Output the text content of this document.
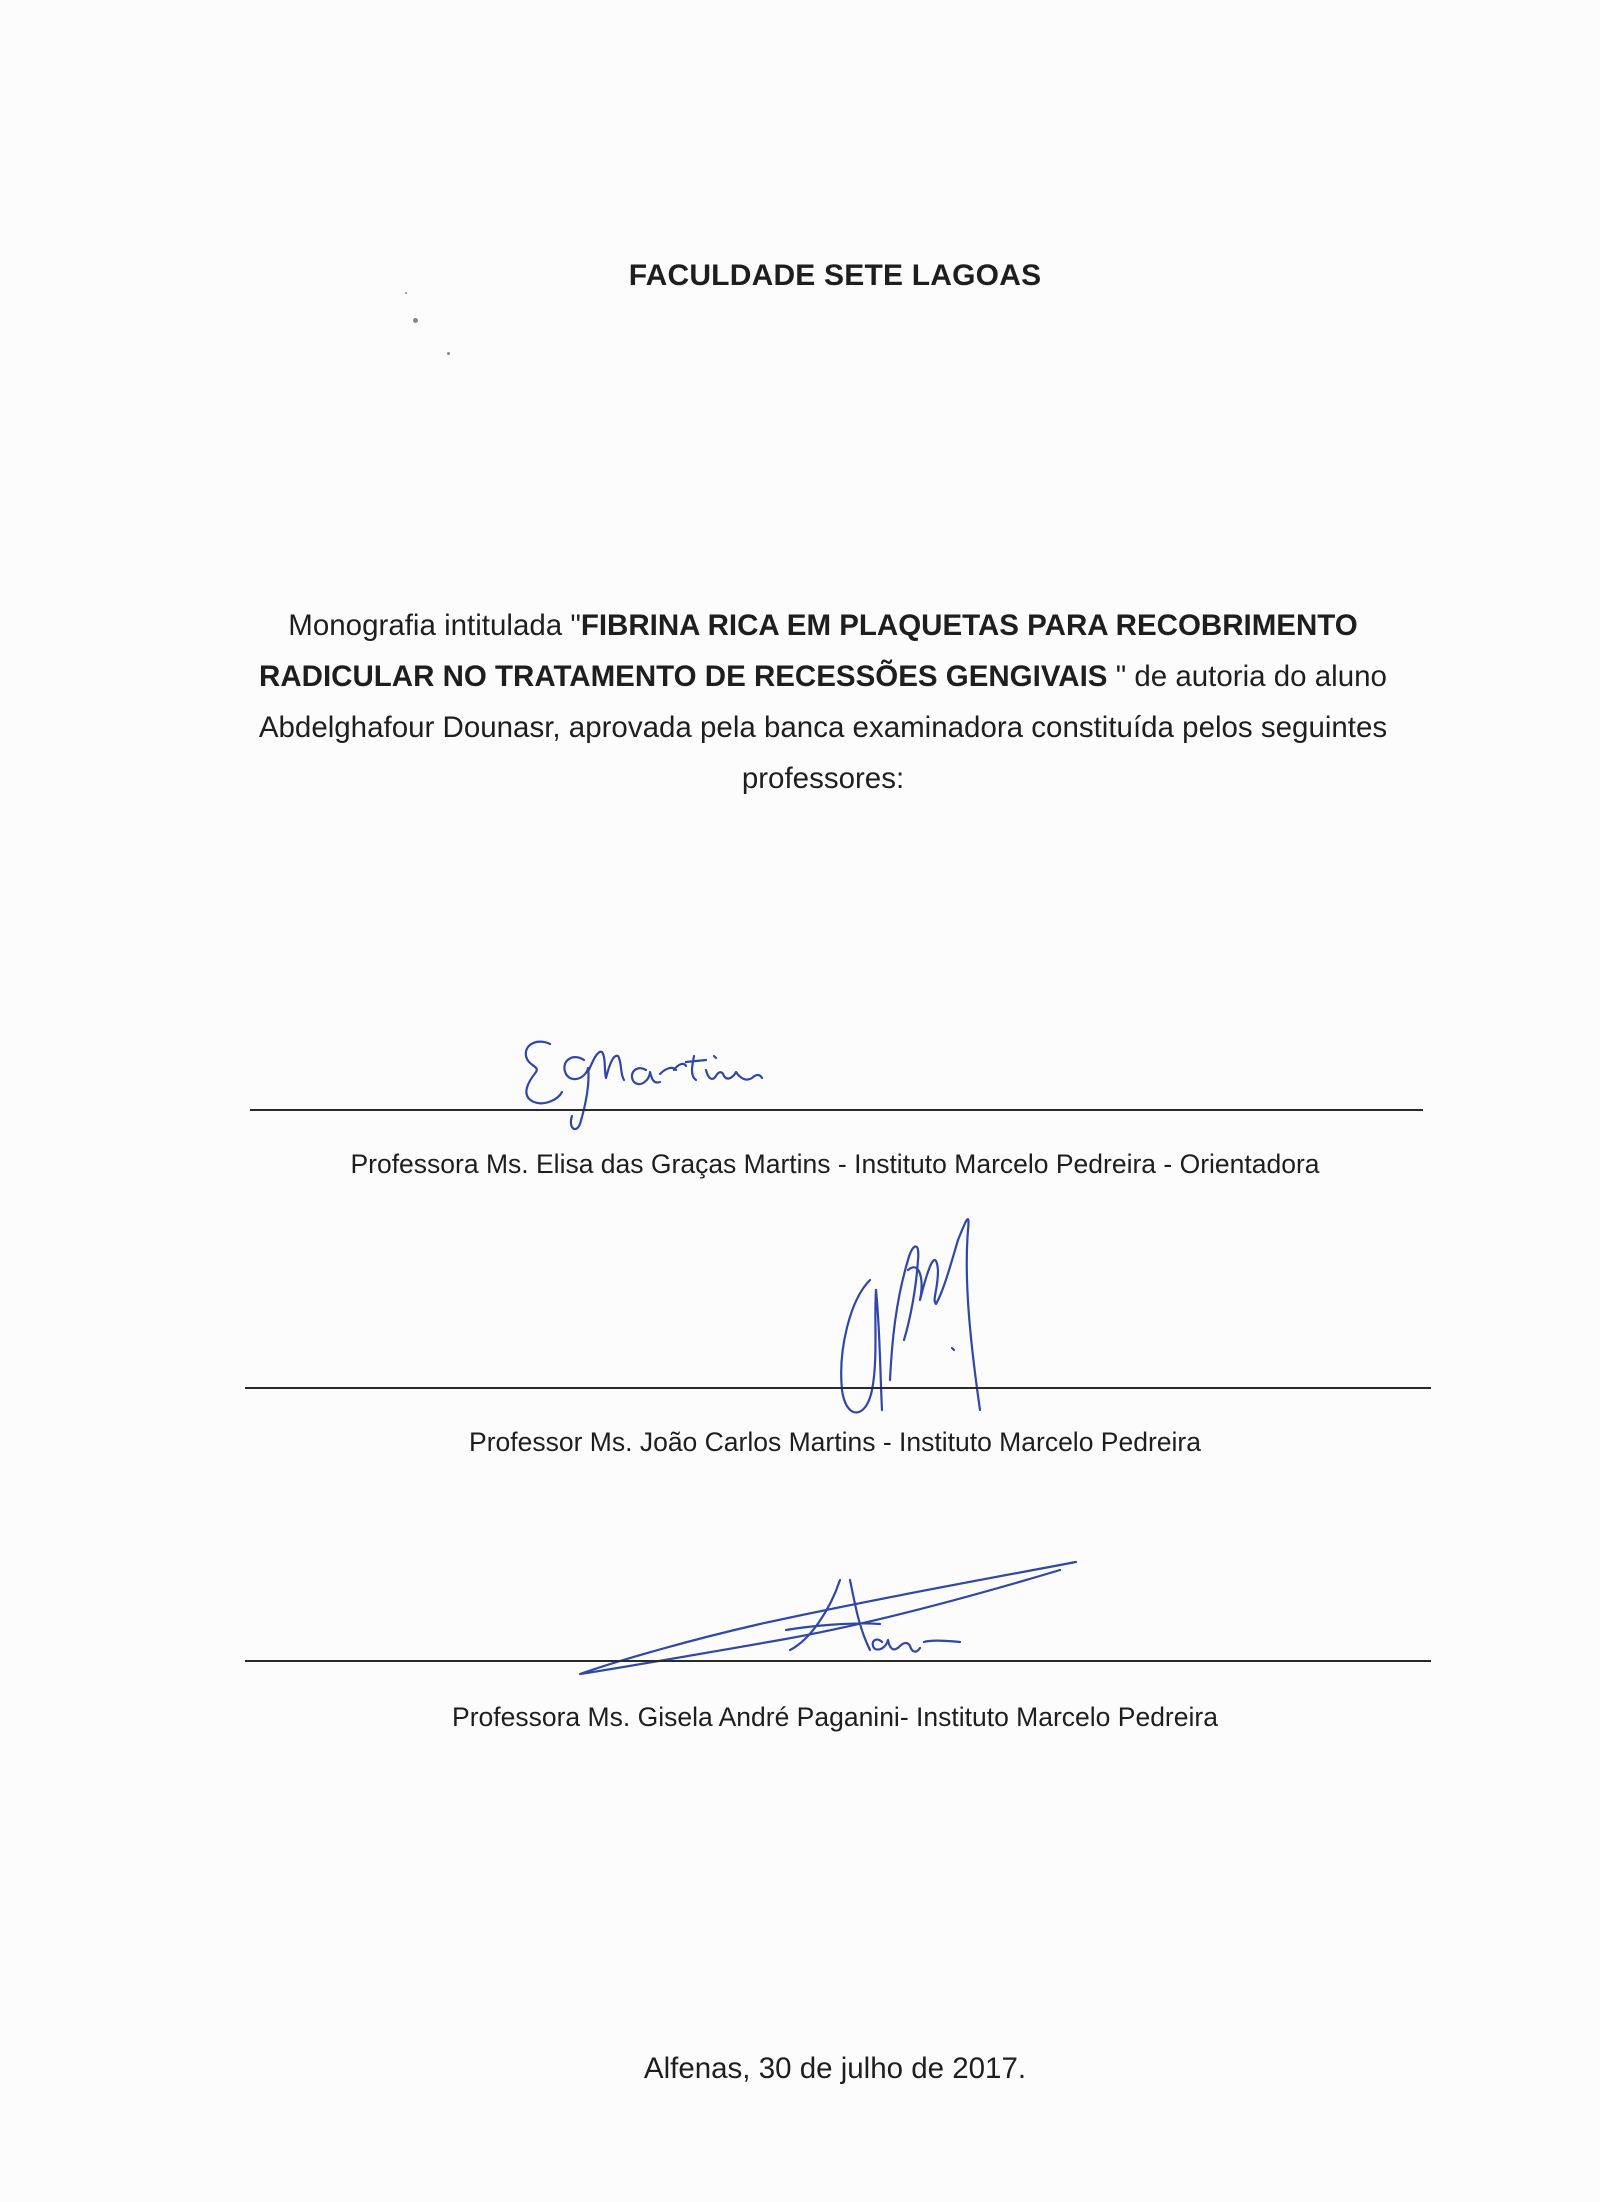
FACULDADE SETE LAGOAS
Monografia intitulada "FIBRINA RICA EM PLAQUETAS PARA RECOBRIMENTO RADICULAR NO TRATAMENTO DE RECESSÕES GENGIVAIS " de autoria do aluno Abdelghafour Dounasr, aprovada pela banca examinadora constituída pelos seguintes professores:
Professora Ms. Elisa das Graças Martins - Instituto Marcelo Pedreira - Orientadora
Professor Ms. João Carlos Martins - Instituto Marcelo Pedreira
Professora Ms. Gisela André Paganini- Instituto Marcelo Pedreira
Alfenas, 30 de julho de 2017.
